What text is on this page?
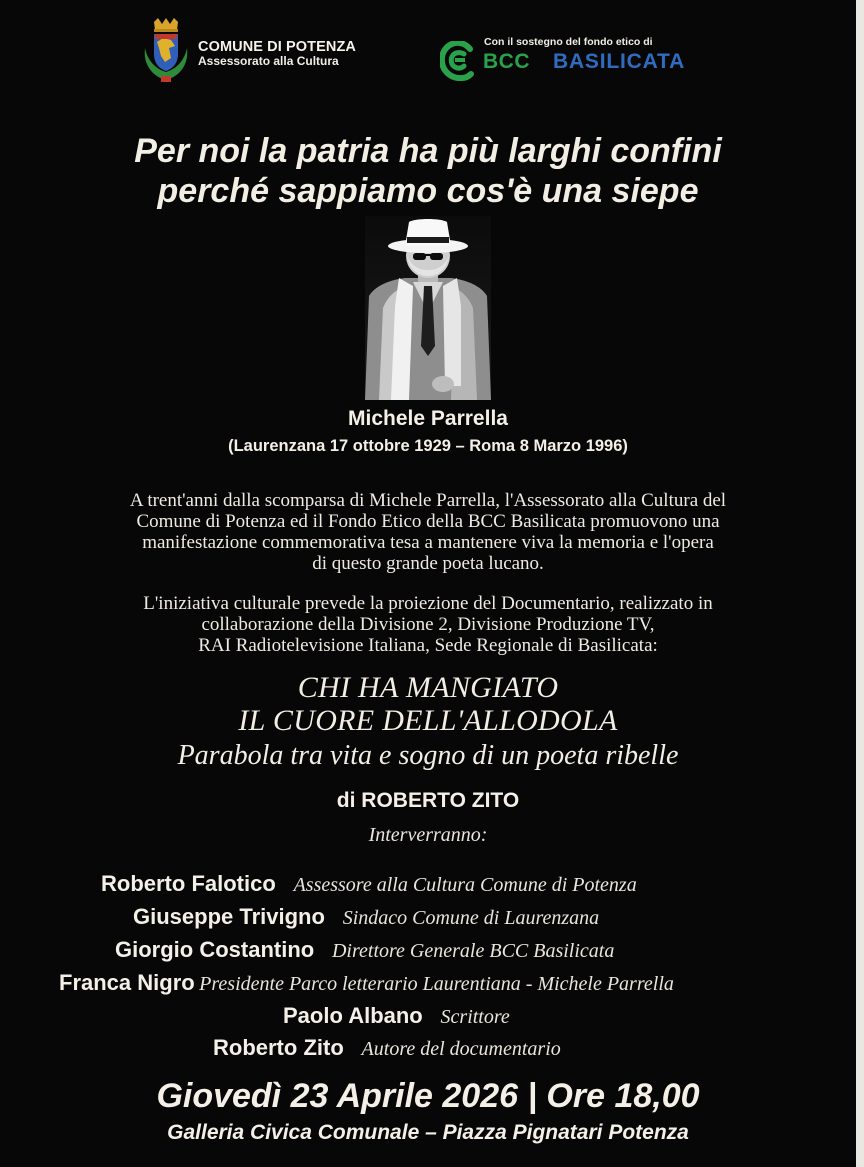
COMUNE DI POTENZA
Assessorato alla Cultura
Con il sostegno del fondo etico di
BCC BASILICATA
Per noi la patria ha più larghi confini
perché sappiamo cos'è una siepe
Michele Parrella
(Laurenzana 17 ottobre 1929 – Roma 8 Marzo 1996)
A trent'anni dalla scomparsa di Michele Parrella, l'Assessorato alla Cultura del
Comune di Potenza ed il Fondo Etico della BCC Basilicata promuovono una
manifestazione commemorativa tesa a mantenere viva la memoria e l'opera
di questo grande poeta lucano.
L'iniziativa culturale prevede la proiezione del Documentario, realizzato in
collaborazione della Divisione 2, Divisione Produzione TV,
RAI Radiotelevisione Italiana, Sede Regionale di Basilicata:
CHI HA MANGIATO
IL CUORE DELL'ALLODOLA
Parabola tra vita e sogno di un poeta ribelle
di ROBERTO ZITO
Interverranno:
Roberto Falotico Assessore alla Cultura Comune di Potenza
Giuseppe Trivigno Sindaco Comune di Laurenzana
Giorgio Costantino Direttore Generale BCC Basilicata
Franca Nigro Presidente Parco letterario Laurentiana - Michele Parrella
Paolo Albano Scrittore
Roberto Zito Autore del documentario
Giovedì 23 Aprile 2026 | Ore 18,00
Galleria Civica Comunale – Piazza Pignatari Potenza
